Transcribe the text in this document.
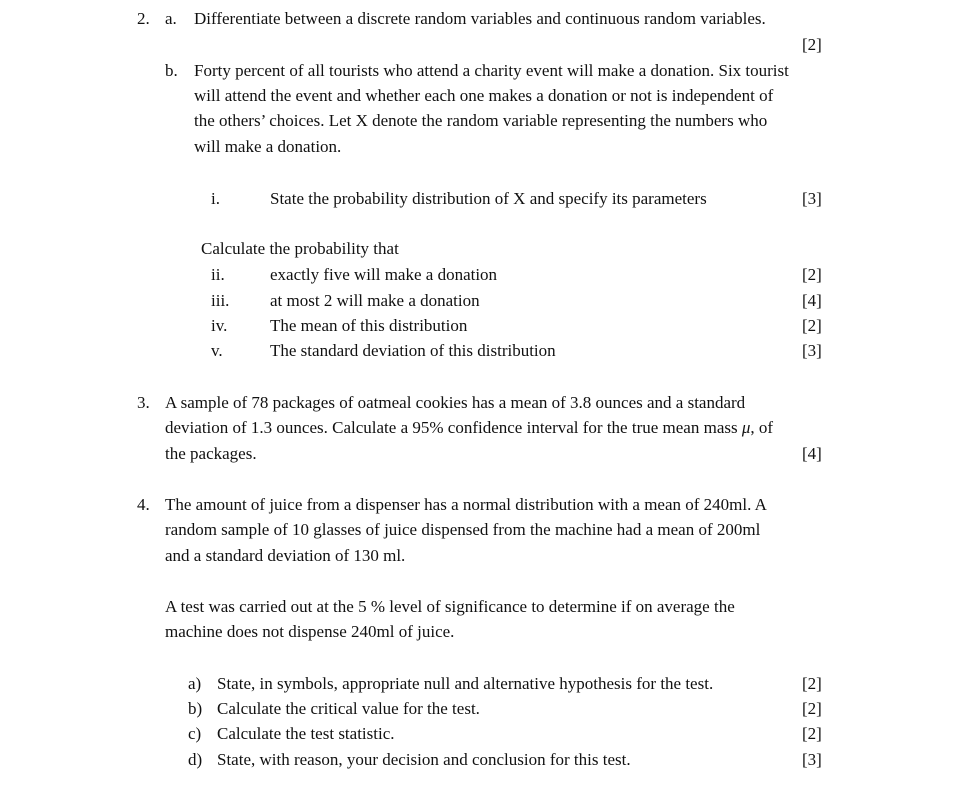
2. a. Differentiate between a discrete random variables and continuous random variables.
[2]
b. Forty percent of all tourists who attend a charity event will make a donation. Six tourist
will attend the event and whether each one makes a donation or not is independent of
the others’ choices. Let X denote the random variable representing the numbers who
will make a donation.
i.	State the probability distribution of X and specify its parameters	[3]
Calculate the probability that
ii.	exactly five will make a donation	[2]
iii. at most 2 will make a donation	[4]
iv.	The mean of this distribution	[2]
v.	The standard deviation of this distribution	[3]
3. A sample of 78 packages of oatmeal cookies has a mean of 3.8 ounces and a standard
deviation of 1.3 ounces. Calculate a 95% confidence interval for the true mean mass μ, of
the packages.	[4]
4. The amount of juice from a dispenser has a normal distribution with a mean of 240ml. A
random sample of 10 glasses of juice dispensed from the machine had a mean of 200ml
and a standard deviation of 130 ml.
A test was carried out at the 5 % level of significance to determine if on average the
machine does not dispense 240ml of juice.
a) State, in symbols, appropriate null and alternative hypothesis for the test.	[2]
b) Calculate the critical value for the test.	[2]
c) Calculate the test statistic.	[2]
d) State, with reason, your decision and conclusion for this test.	[3]
